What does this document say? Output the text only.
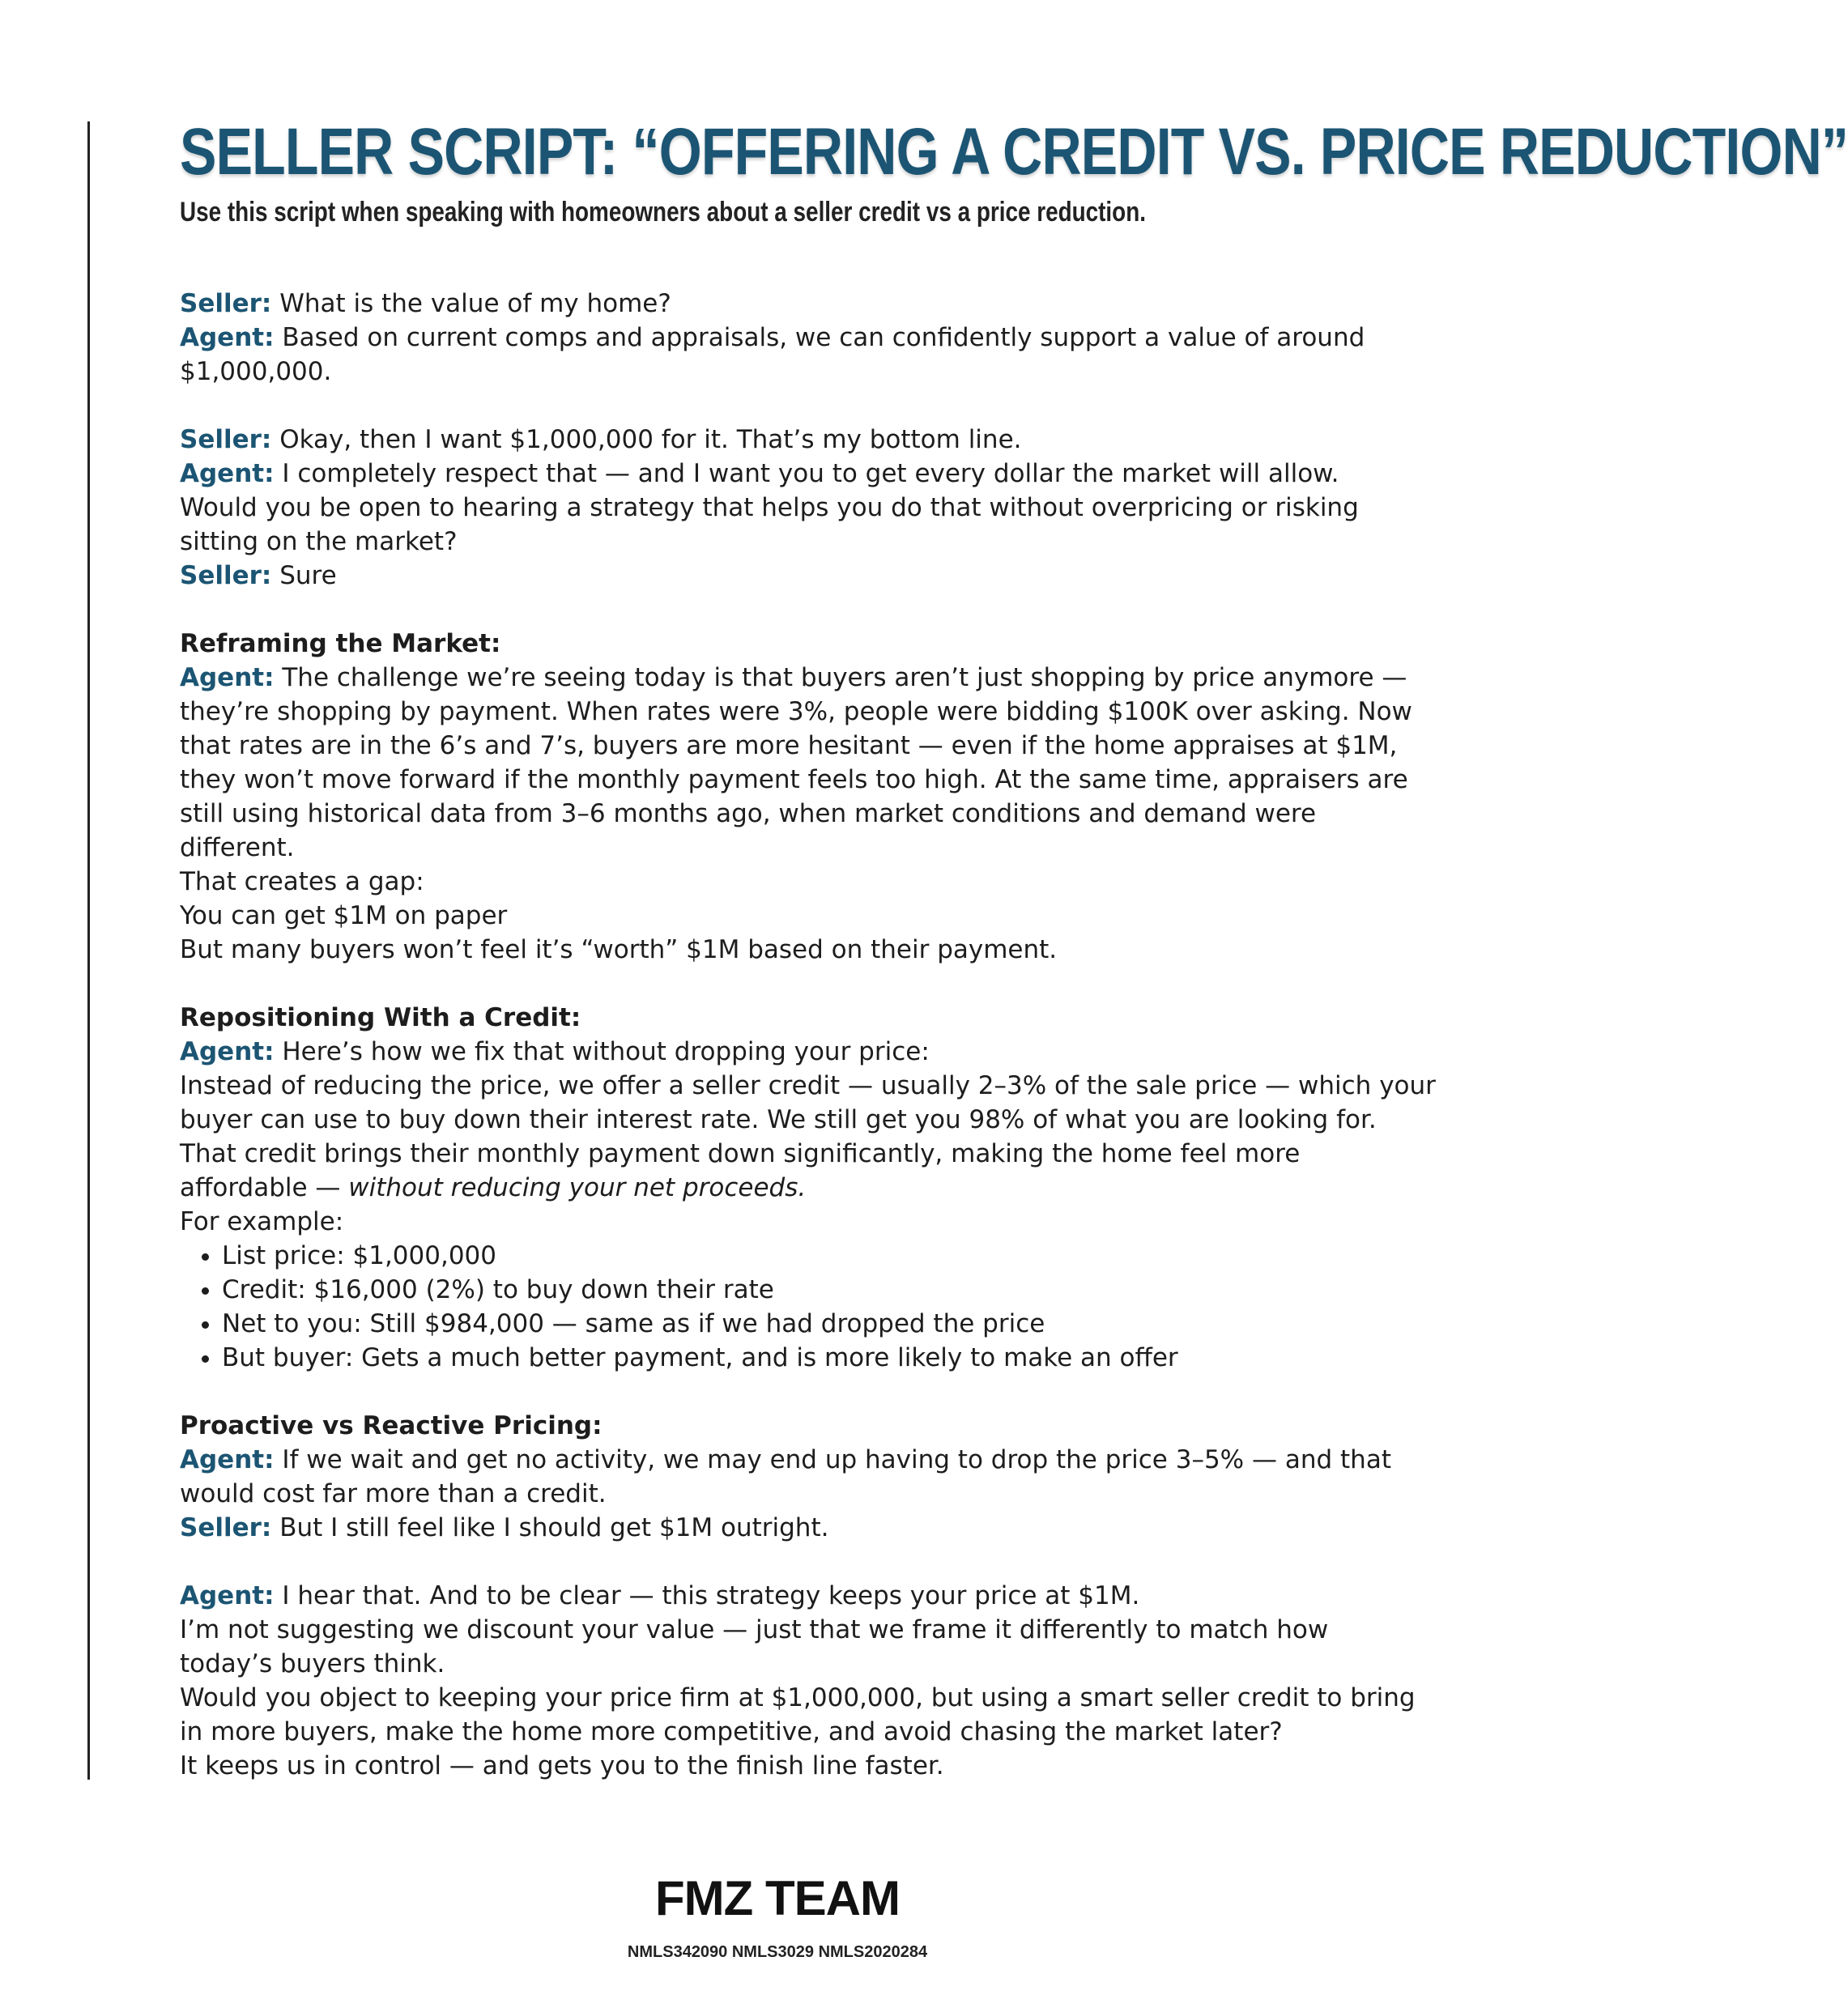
SELLER SCRIPT: “OFFERING A CREDIT VS. PRICE REDUCTION”
Use this script when speaking with homeowners about a seller credit vs a price reduction.
Seller: What is the value of my home?
Agent: Based on current comps and appraisals, we can confidently support a value of around
$1,000,000.
Seller: Okay, then I want $1,000,000 for it. That’s my bottom line.
Agent: I completely respect that — and I want you to get every dollar the market will allow.
Would you be open to hearing a strategy that helps you do that without overpricing or risking
sitting on the market?
Seller: Sure
Reframing the Market:
Agent: The challenge we’re seeing today is that buyers aren’t just shopping by price anymore —
they’re shopping by payment. When rates were 3%, people were bidding $100K over asking. Now
that rates are in the 6’s and 7’s, buyers are more hesitant — even if the home appraises at $1M,
they won’t move forward if the monthly payment feels too high. At the same time, appraisers are
still using historical data from 3–6 months ago, when market conditions and demand were
different.
That creates a gap:
You can get $1M on paper
But many buyers won’t feel it’s “worth” $1M based on their payment.
Repositioning With a Credit:
Agent: Here’s how we fix that without dropping your price:
Instead of reducing the price, we offer a seller credit — usually 2–3% of the sale price — which your
buyer can use to buy down their interest rate. We still get you 98% of what you are looking for.
That credit brings their monthly payment down significantly, making the home feel more
affordable — without reducing your net proceeds.
For example:
• List price: $1,000,000
• Credit: $16,000 (2%) to buy down their rate
• Net to you: Still $984,000 — same as if we had dropped the price
• But buyer: Gets a much better payment, and is more likely to make an offer
Proactive vs Reactive Pricing:
Agent: If we wait and get no activity, we may end up having to drop the price 3–5% — and that
would cost far more than a credit.
Seller: But I still feel like I should get $1M outright.
Agent: I hear that. And to be clear — this strategy keeps your price at $1M.
I’m not suggesting we discount your value — just that we frame it differently to match how
today’s buyers think.
Would you object to keeping your price firm at $1,000,000, but using a smart seller credit to bring
in more buyers, make the home more competitive, and avoid chasing the market later?
It keeps us in control — and gets you to the finish line faster.
FMZ TEAM
NMLS342090 NMLS3029 NMLS2020284
